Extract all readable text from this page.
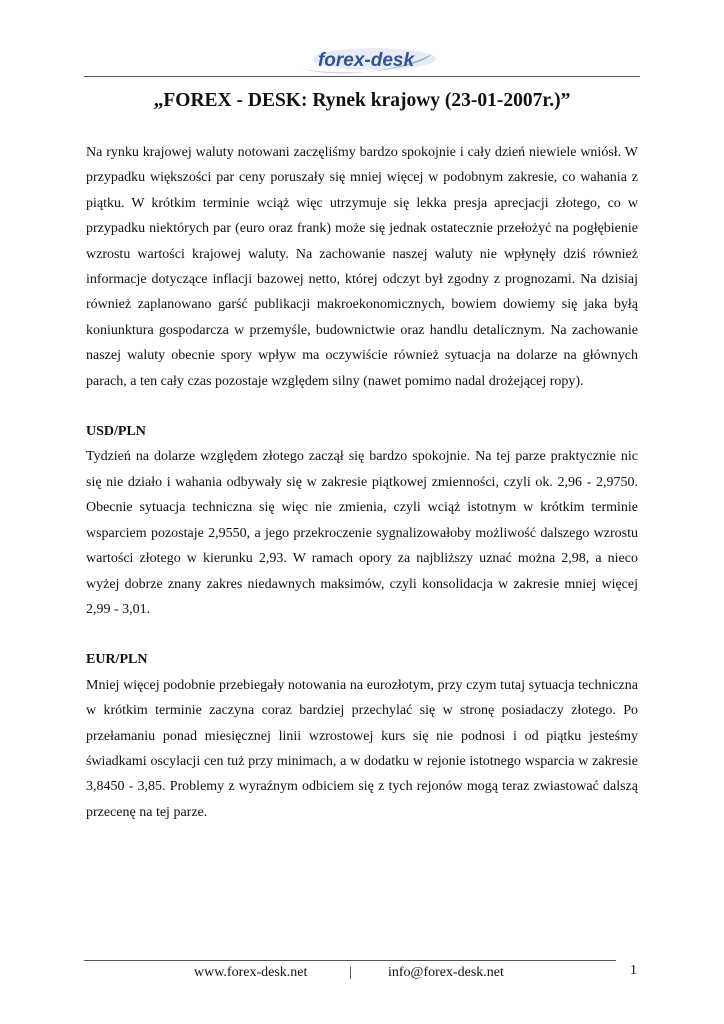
forex-desk
„FOREX - DESK: Rynek krajowy (23-01-2007r.)”

Na rynku krajowej waluty notowani zaczęliśmy bardzo spokojnie i cały dzień niewiele wniósł. W przypadku większości par ceny poruszały się mniej więcej w podobnym zakresie, co wahania z piątku. W krótkim terminie wciąż więc utrzymuje się lekka presja aprecjacji złotego, co w przypadku niektórych par (euro oraz frank) może się jednak ostatecznie przełożyć na pogłębienie wzrostu wartości krajowej waluty. Na zachowanie naszej waluty nie wpłynęły dziś również informacje dotyczące inflacji bazowej netto, której odczyt był zgodny z prognozami. Na dzisiaj również zaplanowano garść publikacji makroekonomicznych, bowiem dowiemy się jaka byłą koniunktura gospodarcza w przemyśle, budownictwie oraz handlu detalicznym. Na zachowanie naszej waluty obecnie spory wpływ ma oczywiście również sytuacja na dolarze na głównych parach, a ten cały czas pozostaje względem silny (nawet pomimo nadal drożejącej ropy).

USD/PLN

Tydzień na dolarze względem złotego zaczął się bardzo spokojnie. Na tej parze praktycznie nic się nie działo i wahania odbywały się w zakresie piątkowej zmienności, czyli ok. 2,96 - 2,9750. Obecnie sytuacja techniczna się więc nie zmienia, czyli wciąż istotnym w krótkim terminie wsparciem pozostaje 2,9550, a jego przekroczenie sygnalizowałoby możliwość dalszego wzrostu wartości złotego w kierunku 2,93. W ramach opory za najbliższy uznać można 2,98, a nieco wyżej dobrze znany zakres niedawnych maksimów, czyli konsolidacja w zakresie mniej więcej 2,99 - 3,01.

EUR/PLN

Mniej więcej podobnie przebiegały notowania na eurozłotym, przy czym tutaj sytuacja techniczna w krótkim terminie zaczyna coraz bardziej przechylać się w stronę posiadaczy złotego. Po przełamaniu ponad miesięcznej linii wzrostowej kurs się nie podnosi i od piątku jesteśmy świadkami oscylacji cen tuż przy minimach, a w dodatku w rejonie istotnego wsparcia w zakresie 3,8450 - 3,85. Problemy z wyraźnym odbiciem się z tych rejonów mogą teraz zwiastować dalszą przecenę na tej parze.

www.forex-desk.net	|	info@forex-desk.net	1
